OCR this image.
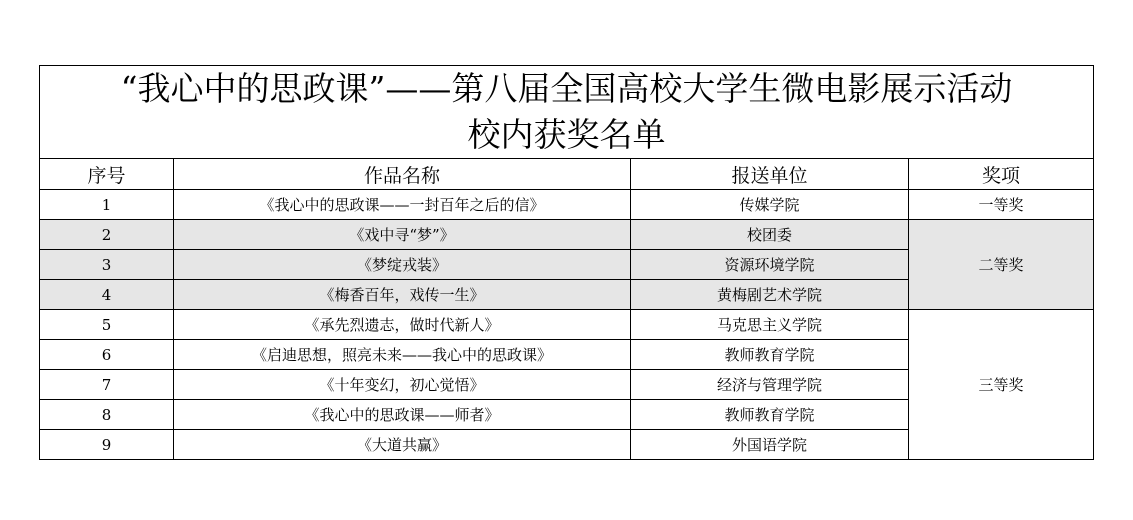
“我心中的思政课”——第八届全国高校大学生微电影展示活动
校内获奖名单			

序号	作品名称	报送单位	奖项
1	《我心中的思政课——一封百年之后的信》	传媒学院	一等奖
2	《戏中寻“梦”》	校团委	二等奖
3	《梦绽戎装》	资源环境学院	
4	《梅香百年，戏传一生》	黄梅剧艺术学院	
5	《承先烈遗志，做时代新人》	马克思主义学院	三等奖
6	《启迪思想，照亮未来——我心中的思政课》	教师教育学院	
7	《十年变幻，初心觉悟》	经济与管理学院	
8	《我心中的思政课——师者》	教师教育学院	
9	《大道共赢》	外国语学院	
